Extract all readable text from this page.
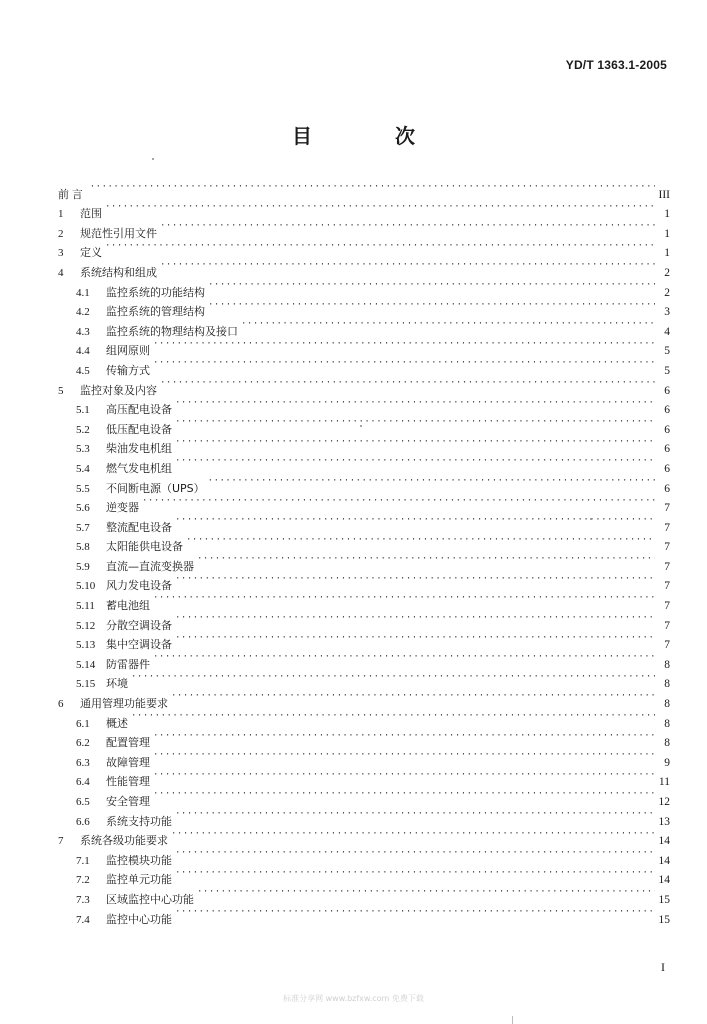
YD/T 1363.1-2005
目 次
前 言 ·····	III
1	范围 ·····	1
2	规范性引用文件 ·····	1
3	定义 ·····	1
4	系统结构和组成 ·····	2
4.1	监控系统的功能结构 ·····	2
4.2	监控系统的管理结构 ·····	3
4.3	监控系统的物理结构及接口 ·····	4
4.4	组网原则 ·····	5
4.5	传输方式 ·····	5
5	监控对象及内容 ·····	6
5.1	高压配电设备 ·····	6
5.2	低压配电设备 ·····	6
5.3	柴油发电机组 ·····	6
5.4	燃气发电机组 ·····	6
5.5	不间断电源（UPS） ·····	6
5.6	逆变器 ·····	7
5.7	整流配电设备 ·····	7
5.8	太阳能供电设备 ·····	7
5.9	直流—直流变换器 ·····	7
5.10 风力发电设备 ·····	7
5.11	蓄电池组 ·····	7
5.12 分散空调设备 ·····	7
5.13 集中空调设备 ·····	7
5.14 防雷器件 ·····	8
5.15 环境 ·····	8
6	通用管理功能要求 ·····	8
6.1	概述 ·····	8
6.2	配置管理 ·····	8
6.3	故障管理 ·····	9
6.4	性能管理 ·····	11
6.5	安全管理 ·····	12
6.6	系统支持功能 ·····	13
7	系统各级功能要求 ·····	14
7.1	监控模块功能 ·····	14
7.2	监控单元功能 ·····	14
7.3	区域监控中心功能 ·····	15
7.4	监控中心功能 ·····	15
I
标准分享网 www.bzfxw.com 免费下载
